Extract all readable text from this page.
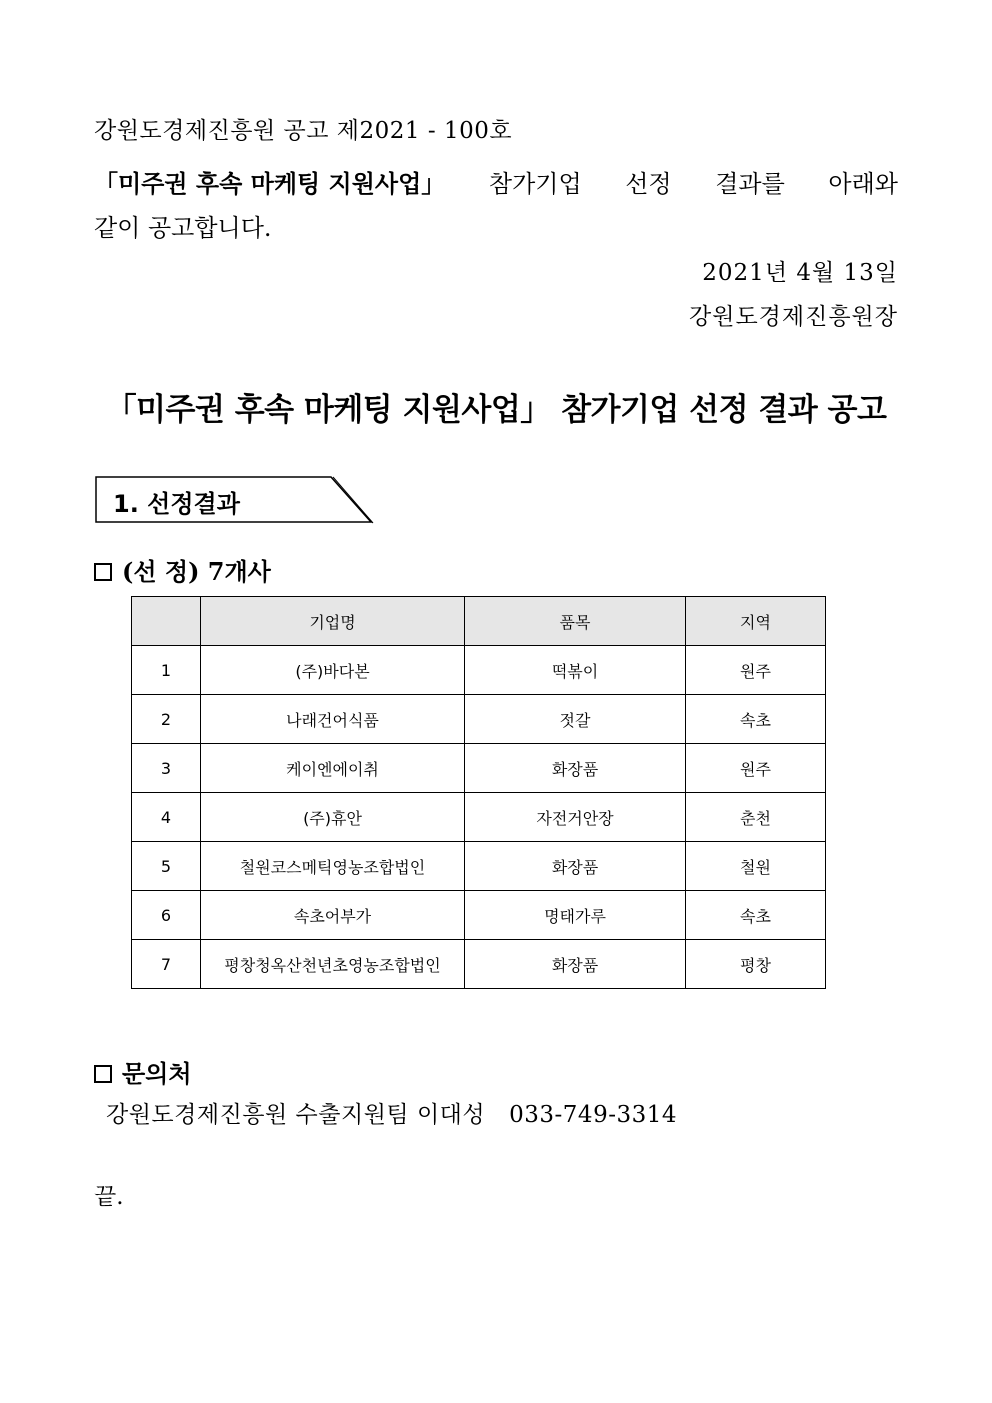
강원도경제진흥원 공고 제2021 - 100호
「미주권 후속 마케팅 지원사업」 참가기업 선정 결과를 아래와
같이 공고합니다.
2021년 4월 13일
강원도경제진흥원장
「미주권 후속 마케팅 지원사업」 참가기업 선정 결과 공고
1. 선정결과
(선 정) 7개사
	기업명	품목	지역
1	(주)바다본	떡볶이	원주
2	나래건어식품	젓갈	속초
3	케이엔에이취	화장품	원주
4	(주)휴안	자전거안장	춘천
5	철원코스메틱영농조합법인	화장품	철원
6	속초어부가	명태가루	속초
7	평창청옥산천년초영농조합법인	화장품	평창
문의처
강원도경제진흥원 수출지원팀 이대성 033-749-3314
끝.
